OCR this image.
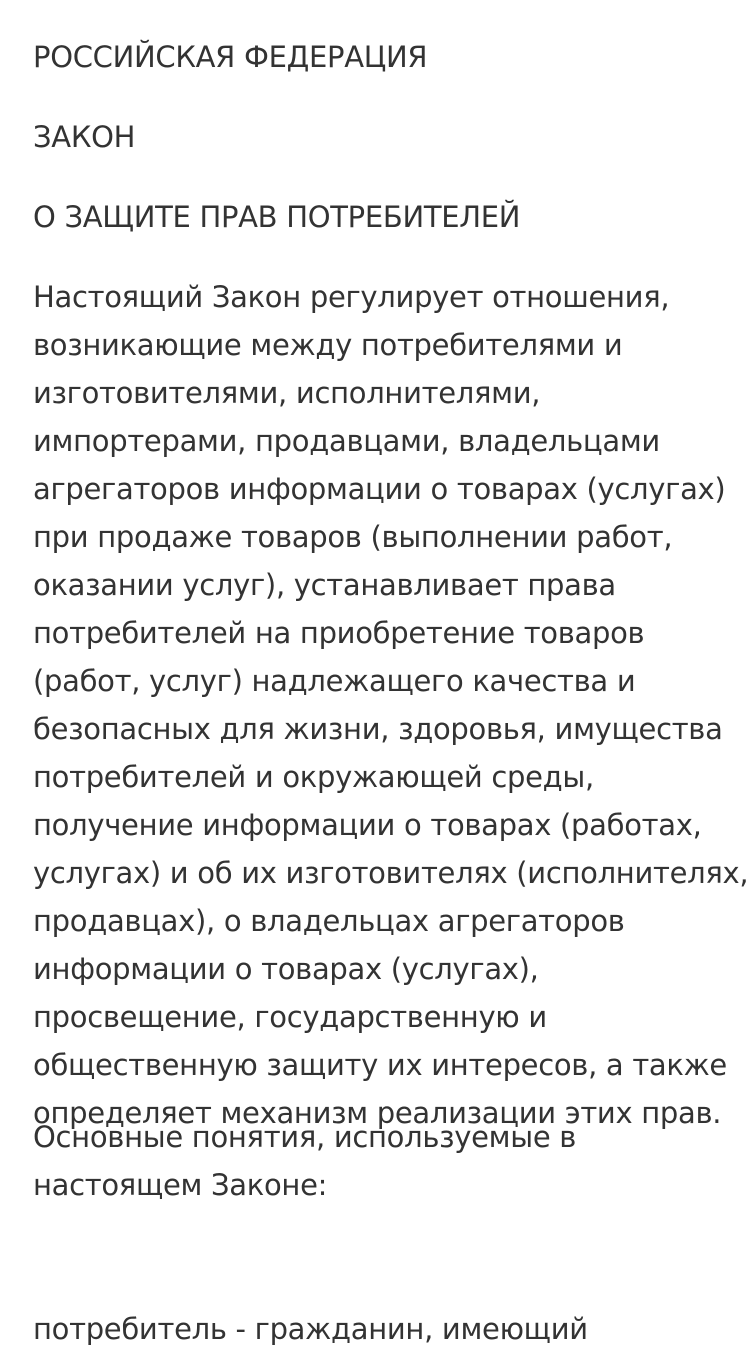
РОССИЙСКАЯ ФЕДЕРАЦИЯ
ЗАКОН
О ЗАЩИТЕ ПРАВ ПОТРЕБИТЕЛЕЙ
Настоящий Закон регулирует отношения,
возникающие между потребителями и
изготовителями, исполнителями,
импортерами, продавцами, владельцами
агрегаторов информации о товарах (услугах)
при продаже товаров (выполнении работ,
оказании услуг), устанавливает права
потребителей на приобретение товаров
(работ, услуг) надлежащего качества и
безопасных для жизни, здоровья, имущества
потребителей и окружающей среды,
получение информации о товарах (работах,
услугах) и об их изготовителях (исполнителях,
продавцах), о владельцах агрегаторов
информации о товарах (услугах),
просвещение, государственную и
общественную защиту их интересов, а также
определяет механизм реализации этих прав.
Основные понятия, используемые в
настоящем Законе:
потребитель - гражданин, имеющий
